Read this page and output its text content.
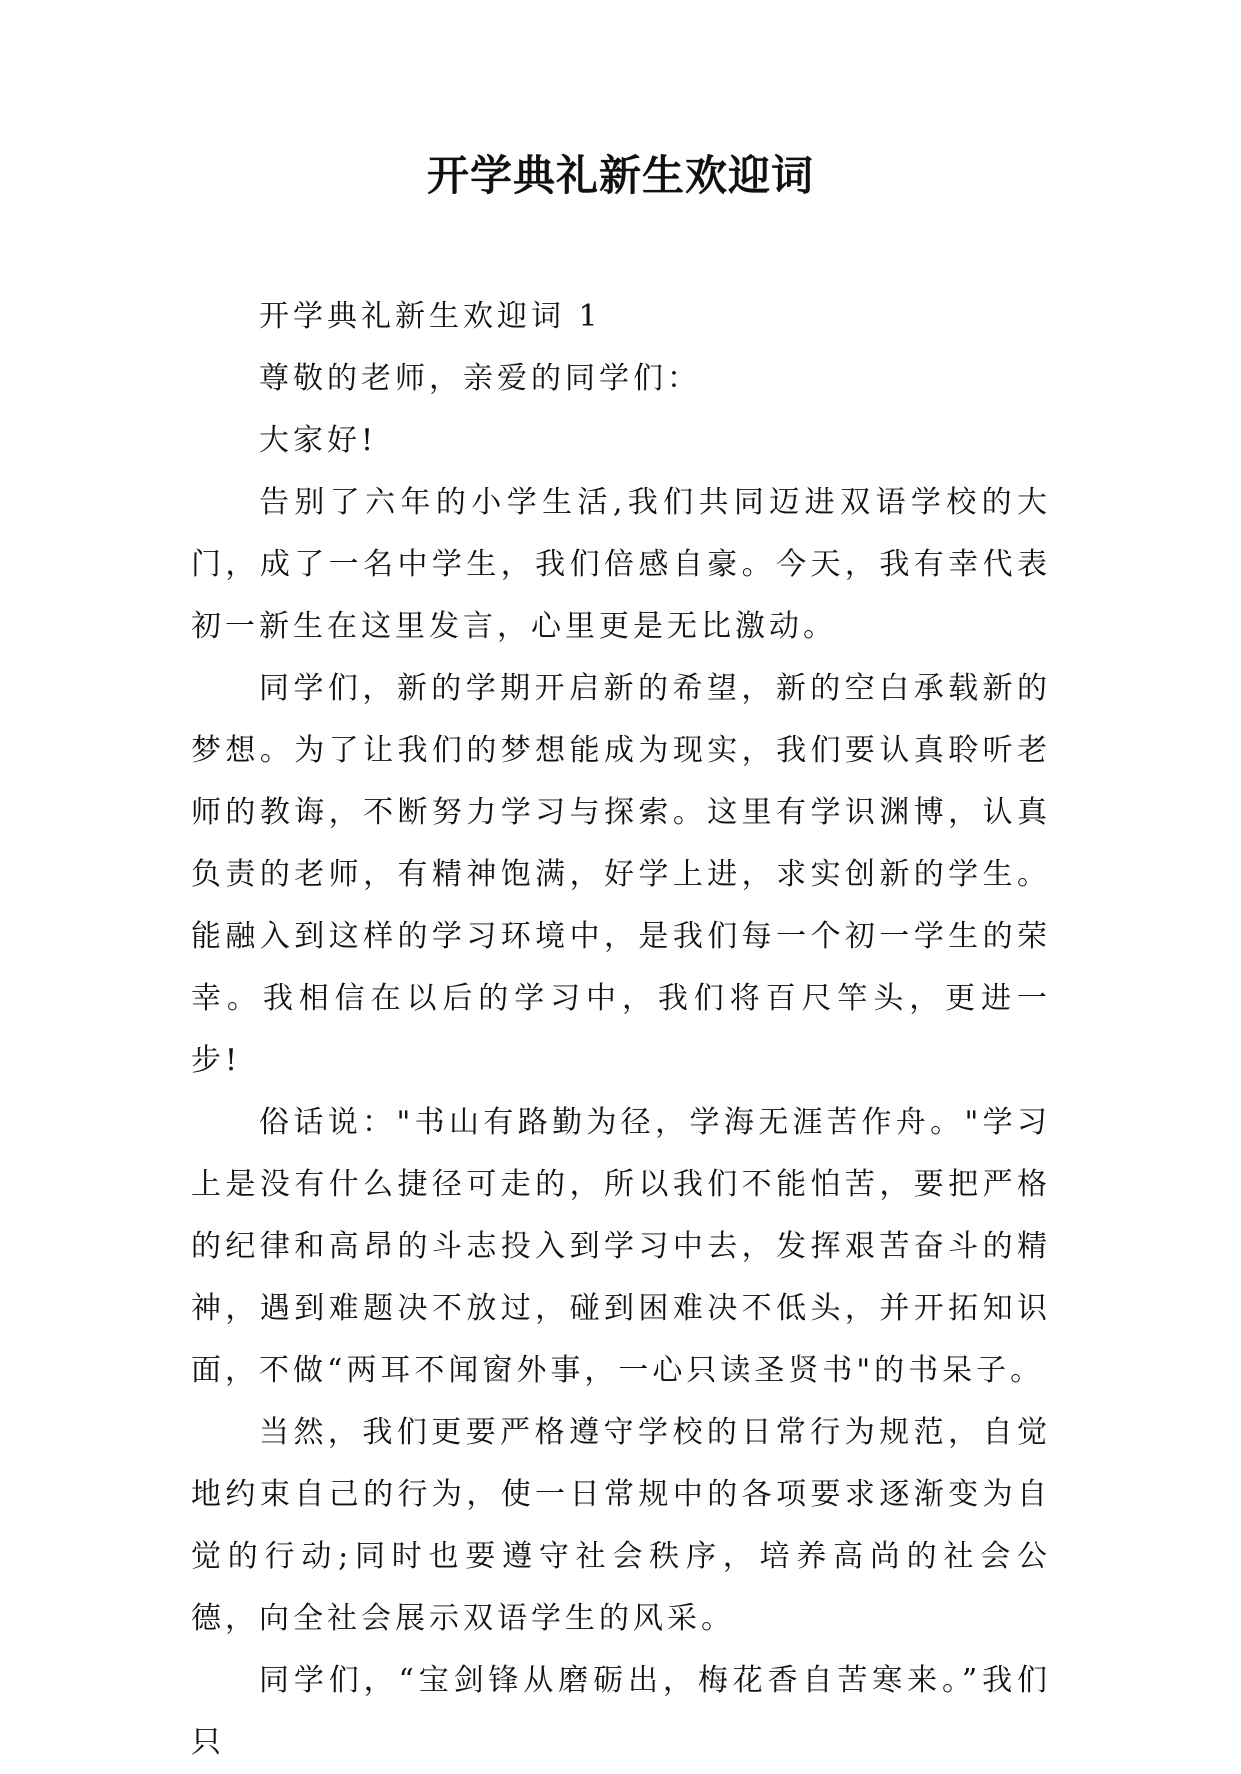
开学典礼新生欢迎词

开学典礼新生欢迎词 1

尊敬的老师，亲爱的同学们：

大家好!

告别了六年的小学生活,我们共同迈进双语学校的大门，成了一名中学生，我们倍感自豪。今天，我有幸代表初一新生在这里发言，心里更是无比激动。

同学们，新的学期开启新的希望，新的空白承载新的梦想。为了让我们的梦想能成为现实，我们要认真聆听老师的教诲，不断努力学习与探索。这里有学识渊博，认真负责的老师，有精神饱满，好学上进，求实创新的学生。能融入到这样的学习环境中，是我们每一个初一学生的荣幸。我相信在以后的学习中，我们将百尺竿头，更进一步!

俗话说："书山有路勤为径，学海无涯苦作舟。"学习上是没有什么捷径可走的，所以我们不能怕苦，要把严格的纪律和高昂的斗志投入到学习中去，发挥艰苦奋斗的精神，遇到难题决不放过，碰到困难决不低头，并开拓知识面，不做“两耳不闻窗外事，一心只读圣贤书"的书呆子。

当然，我们更要严格遵守学校的日常行为规范，自觉地约束自己的行为，使一日常规中的各项要求逐渐变为自觉的行动;同时也要遵守社会秩序，培养高尚的社会公德，向全社会展示双语学生的风采。

同学们，“宝剑锋从磨砺出，梅花香自苦寒来。”我们只
